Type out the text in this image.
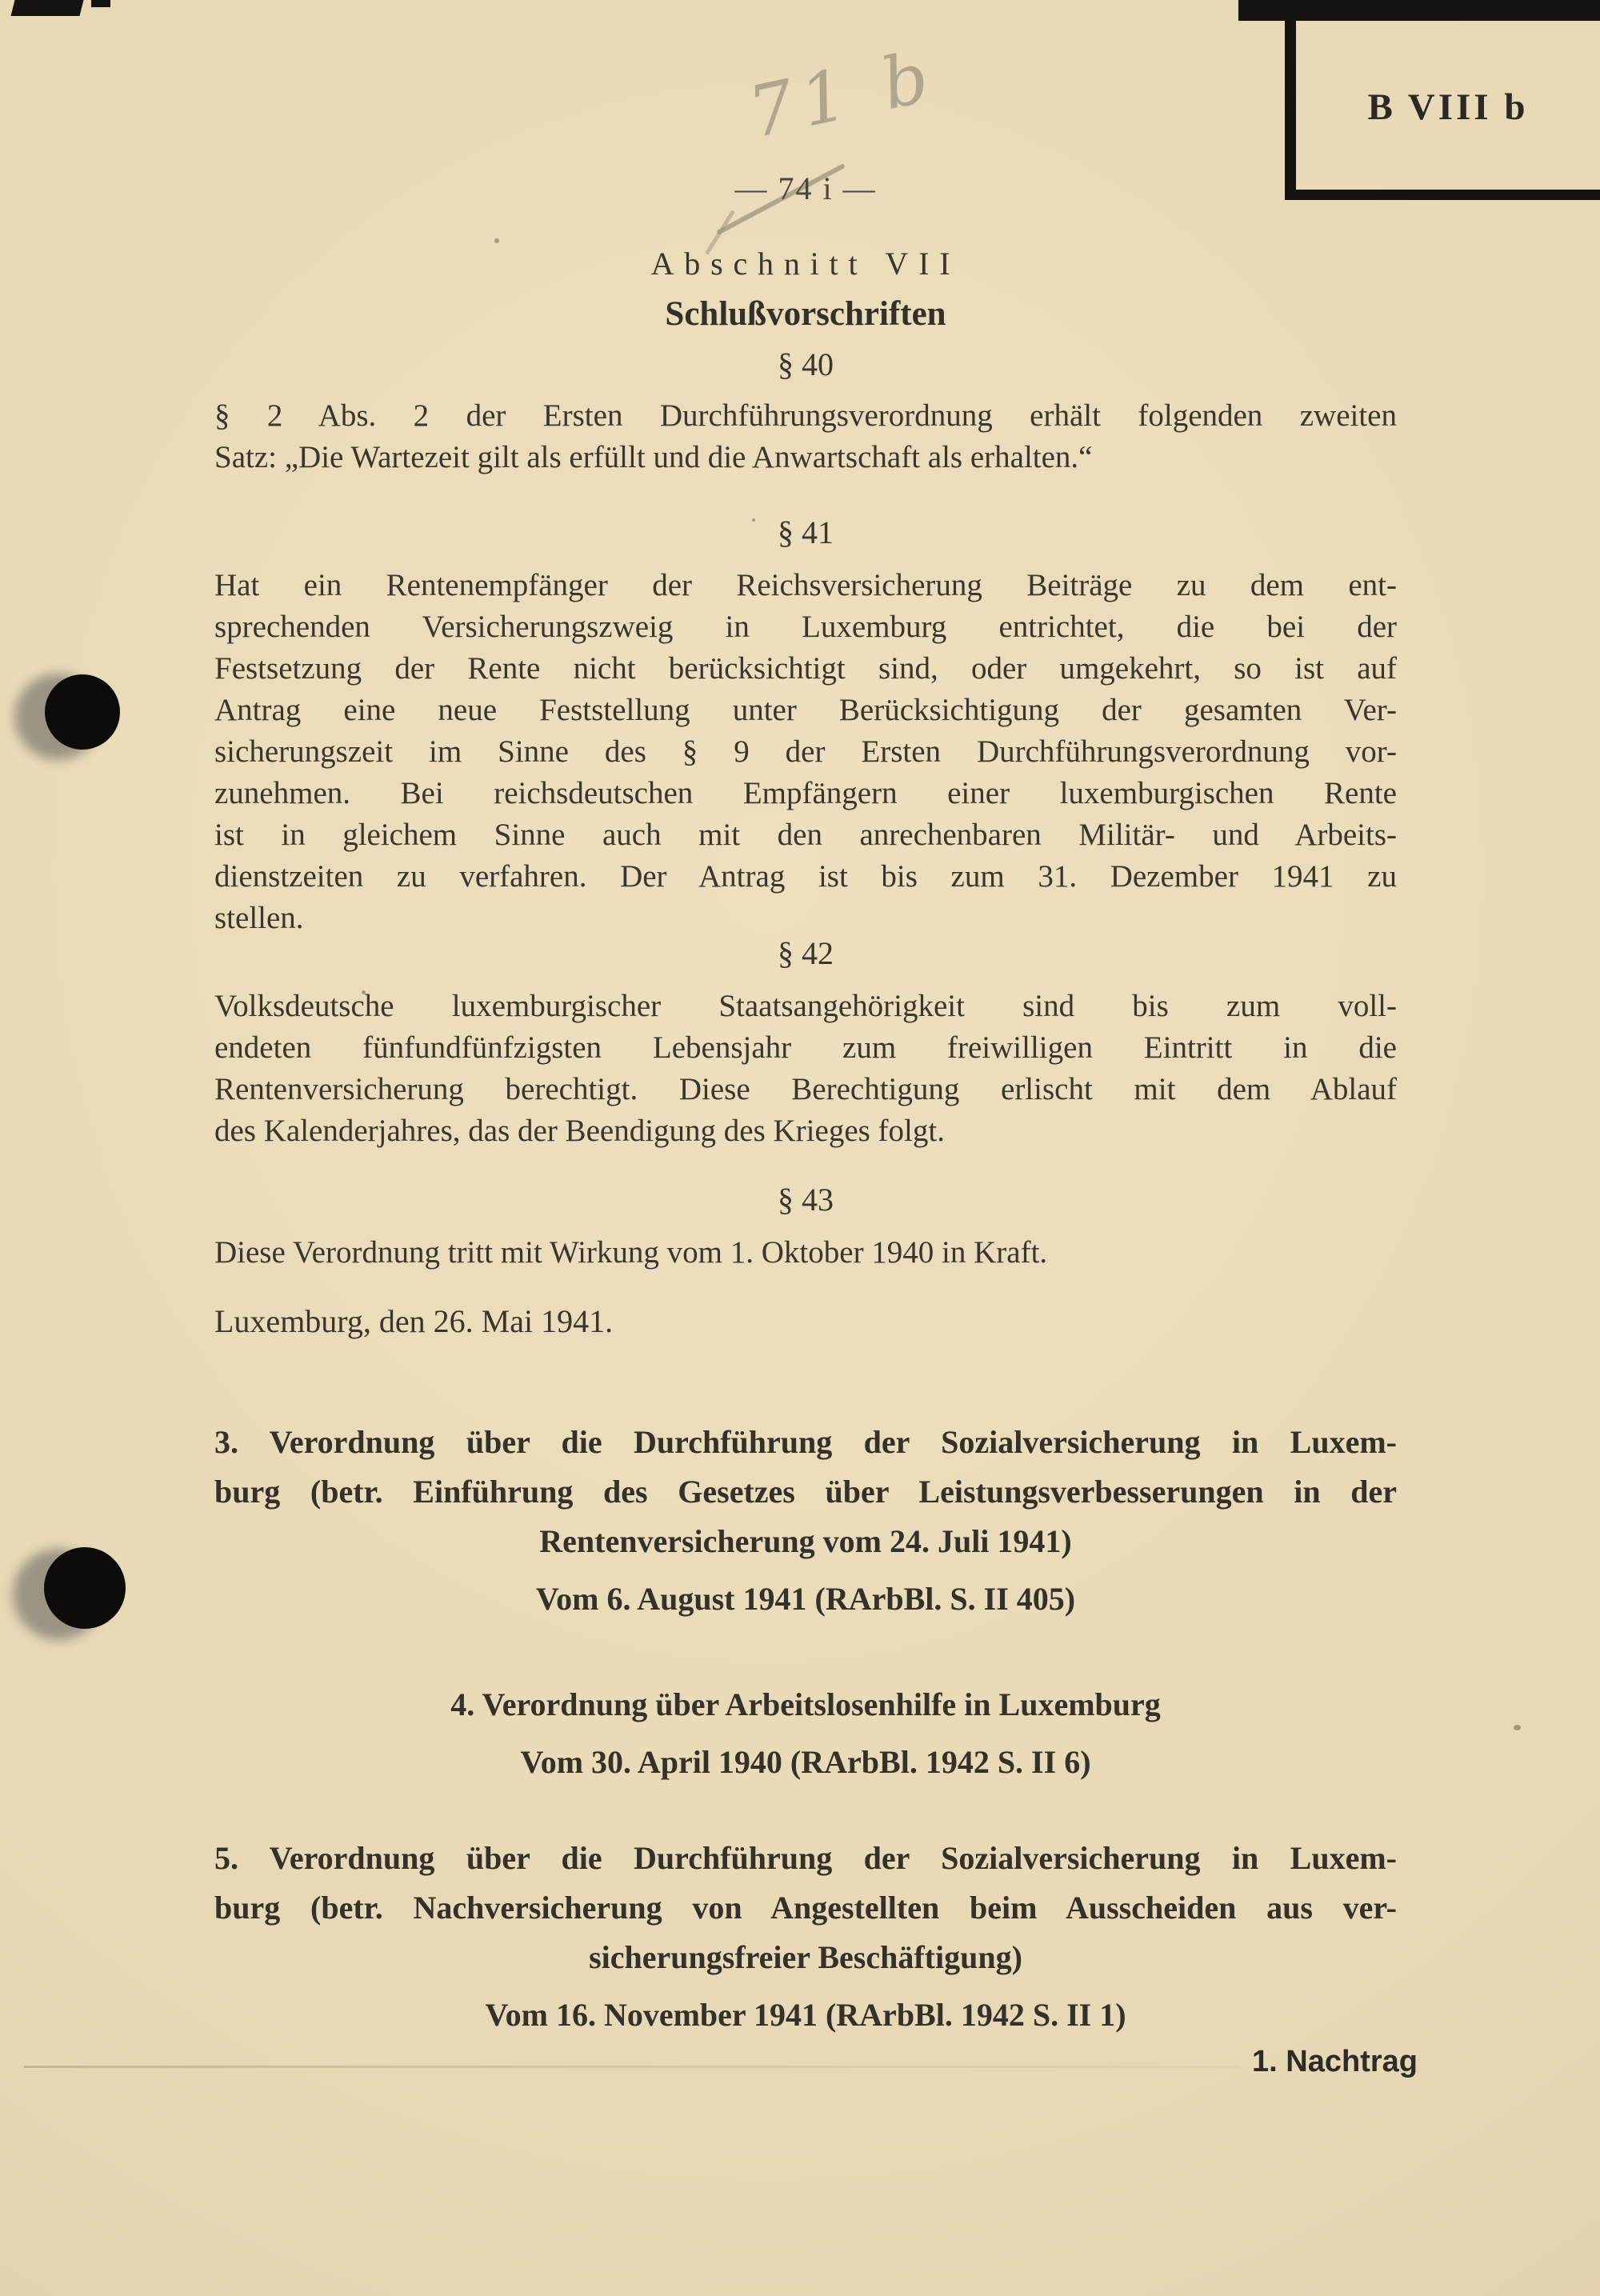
B VIII b
71 b
— 74 i —
Abschnitt VII
Schlußvorschriften
§ 40
§ 2 Abs. 2 der Ersten Durchführungsverordnung erhält folgenden zweiten
Satz: „Die Wartezeit gilt als erfüllt und die Anwartschaft als erhalten.“
§ 41
Hat ein Rentenempfänger der Reichsversicherung Beiträge zu dem ent-
sprechenden Versicherungszweig in Luxemburg entrichtet, die bei der
Festsetzung der Rente nicht berücksichtigt sind, oder umgekehrt, so ist auf
Antrag eine neue Feststellung unter Berücksichtigung der gesamten Ver-
sicherungszeit im Sinne des § 9 der Ersten Durchführungsverordnung vor-
zunehmen. Bei reichsdeutschen Empfängern einer luxemburgischen Rente
ist in gleichem Sinne auch mit den anrechenbaren Militär- und Arbeits-
dienstzeiten zu verfahren. Der Antrag ist bis zum 31. Dezember 1941 zu
stellen.
§ 42
Volksdeutsche luxemburgischer Staatsangehörigkeit sind bis zum voll-
endeten fünfundfünfzigsten Lebensjahr zum freiwilligen Eintritt in die
Rentenversicherung berechtigt. Diese Berechtigung erlischt mit dem Ablauf
des Kalenderjahres, das der Beendigung des Krieges folgt.
§ 43
Diese Verordnung tritt mit Wirkung vom 1. Oktober 1940 in Kraft.
Luxemburg, den 26. Mai 1941.
3. Verordnung über die Durchführung der Sozialversicherung in Luxem-
burg (betr. Einführung des Gesetzes über Leistungsverbesserungen in der
Rentenversicherung vom 24. Juli 1941)
Vom 6. August 1941 (RArbBl. S. II 405)
4. Verordnung über Arbeitslosenhilfe in Luxemburg
Vom 30. April 1940 (RArbBl. 1942 S. II 6)
5. Verordnung über die Durchführung der Sozialversicherung in Luxem-
burg (betr. Nachversicherung von Angestellten beim Ausscheiden aus ver-
sicherungsfreier Beschäftigung)
Vom 16. November 1941 (RArbBl. 1942 S. II 1)
1. Nachtrag
